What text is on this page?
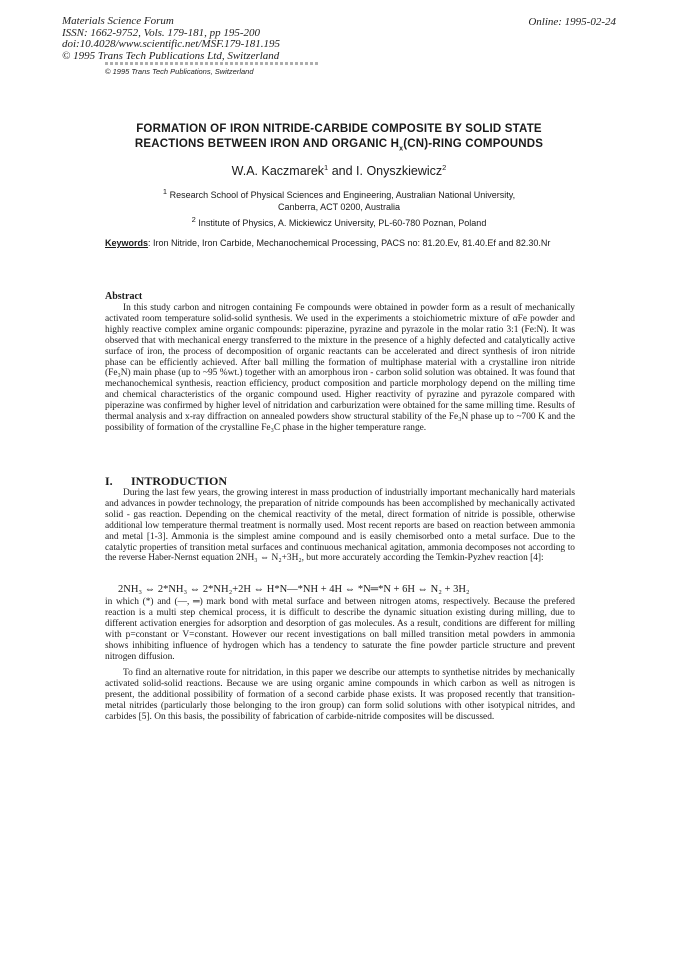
Materials Science Forum
ISSN: 1662-9752, Vols. 179-181, pp 195-200
doi:10.4028/www.scientific.net/MSF.179-181.195
© 1995 Trans Tech Publications Ltd, Switzerland
Online: 1995-02-24
© 1995 Trans Tech Publications, Switzerland
FORMATION OF IRON NITRIDE-CARBIDE COMPOSITE BY SOLID STATE
REACTIONS BETWEEN IRON AND ORGANIC $H_x(CN)$-RING COMPOUNDS
W.A. Kaczmarek$^1$ and I. Onyszkiewicz$^2$
$^1$ Research School of Physical Sciences and Engineering, Australian National University,
Canberra, ACT 0200, Australia
$^2$ Institute of Physics, A. Mickiewicz University, PL-60-780 Poznan, Poland
Keywords: Iron Nitride, Iron Carbide, Mechanochemical Processing, PACS no: 81.20.Ev, 81.40.Ef and 82.30.Nr
Abstract

In this study carbon and nitrogen containing Fe compounds were obtained in powder form as a result of mechanically activated room temperature solid-solid synthesis. We used in the experiments a stoichiometric mixture of αFe powder and highly reactive complex amine organic compounds: piperazine, pyrazine and pyrazole in the molar ratio 3:1 (Fe:N). It was observed that with mechanical energy transferred to the mixture in the presence of a highly defected and catalytically active surface of iron, the process of decomposition of organic reactants can be accelerated and direct synthesis of iron nitride phase can be efficiently achieved. After ball milling the formation of multiphase material with a crystalline iron nitride (Fe₃N) main phase (up to ~95 %wt.) together with an amorphous iron - carbon solid solution was obtained. It was found that mechanochemical synthesis, reaction efficiency, product composition and particle morphology depend on the milling time and chemical characteristics of the organic compound used. Higher reactivity of pyrazine and pyrazole compared with piperazine was confirmed by higher level of nitridation and carburization were obtained for the same milling time. Results of thermal analysis and x-ray diffraction on annealed powders show structural stability of the Fe₃N phase up to ~700 K and the possibility of formation of the crystalline Fe₃C phase in the higher temperature range.

I. INTRODUCTION

During the last few years, the growing interest in mass production of industrially important mechanically hard materials and advances in powder technology, the preparation of nitride compounds has been accomplished by mechanically activated solid - gas reaction. Depending on the chemical reactivity of the metal, direct formation of nitride is possible, otherwise additional low temperature thermal treatment is normally used. Most recent reports are based on reaction between ammonia and metal [1-3]. Ammonia is the simplest amine compound and is easily chemisorbed onto a metal surface. Due to the catalytic properties of transition metal surfaces and continuous mechanical agitation, ammonia decomposes not according to the reverse Haber-Nernst equation 2NH₃ ⇔ N₂+3H₂, but more accurately according the Temkin-Pyzhev reaction [4]:

2NH₃ ⇔ 2*NH₃ ⇔ 2*NH₂+2H ⇔ H*N—*NH + 4H ⇔ *N═*N + 6H ⇔ N₂ + 3H₂

in which (*) and (—, ═) mark bond with metal surface and between nitrogen atoms, respectively. Because the prefered reaction is a multi step chemical process, it is difficult to describe the dynamic situation existing during milling, due to different activation energies for adsorption and desorption of gas molecules. As a result, conditions are different for milling with p=constant or V=constant. However our recent investigations on ball milled transition metal powders in ammonia shows inhibiting influence of hydrogen which has a tendency to saturate the fine powder particle structure and prevent nitrogen diffusion.

To find an alternative route for nitridation, in this paper we describe our attempts to synthetise nitrides by mechanically activated solid-solid reactions. Because we are using organic amine compounds in which carbon as well as nitrogen is present, the additional possibility of formation of a second carbide phase exists. It was proposed recently that transition-metal nitrides (particularly those belonging to the iron group) can form solid solutions with other isotypical nitrides, and carbides [5]. On this basis, the possibility of fabrication of carbide-nitride composites will be discussed.
